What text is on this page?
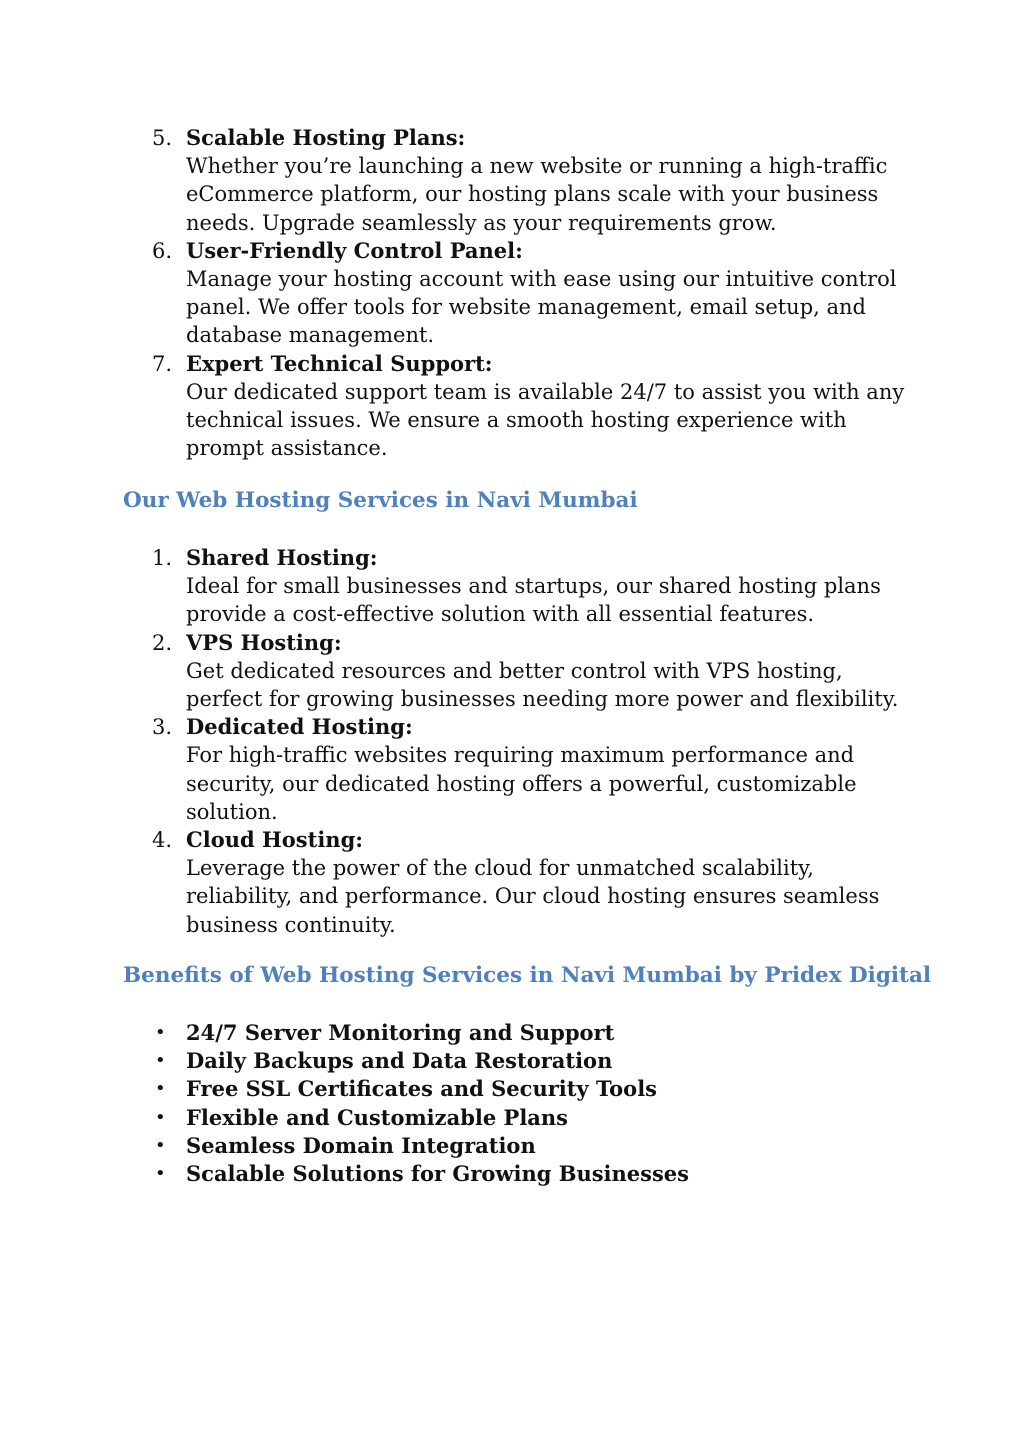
5. Scalable Hosting Plans:
Whether you’re launching a new website or running a high-traffic eCommerce platform, our hosting plans scale with your business needs. Upgrade seamlessly as your requirements grow.
6. User-Friendly Control Panel:
Manage your hosting account with ease using our intuitive control panel. We offer tools for website management, email setup, and database management.
7. Expert Technical Support:
Our dedicated support team is available 24/7 to assist you with any technical issues. We ensure a smooth hosting experience with prompt assistance.
Our Web Hosting Services in Navi Mumbai
1. Shared Hosting:
Ideal for small businesses and startups, our shared hosting plans provide a cost-effective solution with all essential features.
2. VPS Hosting:
Get dedicated resources and better control with VPS hosting, perfect for growing businesses needing more power and flexibility.
3. Dedicated Hosting:
For high-traffic websites requiring maximum performance and security, our dedicated hosting offers a powerful, customizable solution.
4. Cloud Hosting:
Leverage the power of the cloud for unmatched scalability, reliability, and performance. Our cloud hosting ensures seamless business continuity.
Benefits of Web Hosting Services in Navi Mumbai by Pridex Digital
• 24/7 Server Monitoring and Support
• Daily Backups and Data Restoration
• Free SSL Certificates and Security Tools
• Flexible and Customizable Plans
• Seamless Domain Integration
• Scalable Solutions for Growing Businesses
